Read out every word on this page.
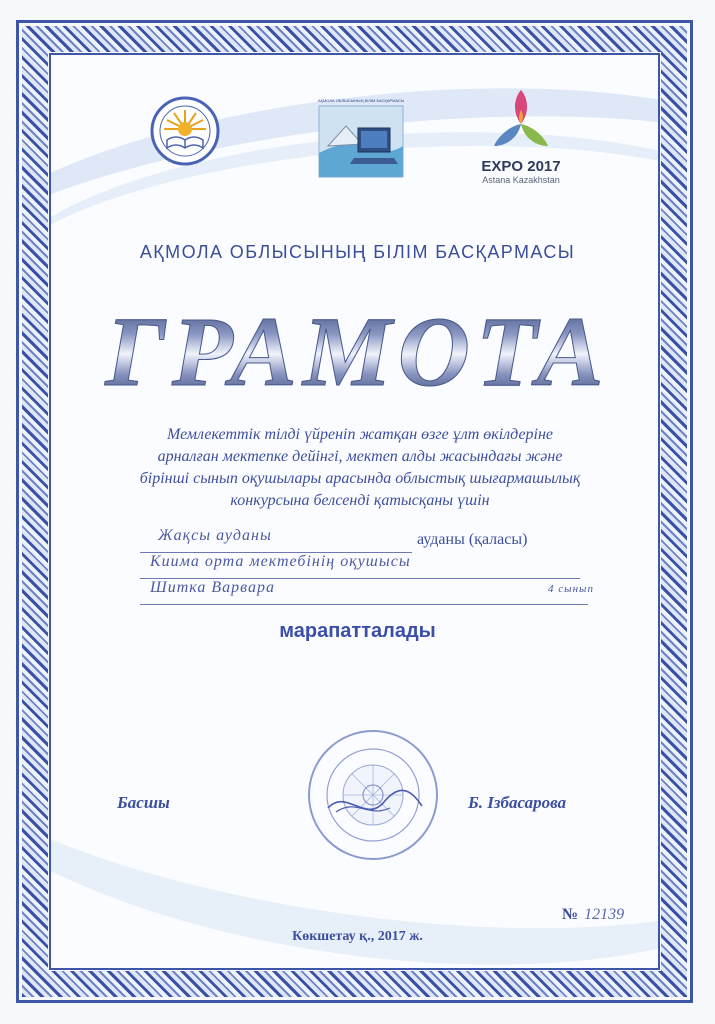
АҚМОЛА ОБЛЫСЫНЫҢ БІЛІМ БАСҚАРМАСЫ
EXPO 2017
Astana Kazakhstan
АҚМОЛА ОБЛЫСЫНЫҢ БІЛІМ БАСҚАРМАСЫ
ГРАМОТА

Мемлекеттік тілді үйреніп жатқан өзге ұлт өкілдеріне

арналған мектепке дейінгі, мектеп алды жасындағы және

бірінші сынып оқушылары арасында облыстық шығармашылық

конкурсына белсенді қатысқаны үшін

Жақсы ауданы	ауданы (қаласы)
Киима орта мектебінің оқушысы
Шитка Варвара	4 сынып
марапатталады
Басшы	Б. Ізбасарова
№ 12139
Көкшетау қ., 2017 ж.
